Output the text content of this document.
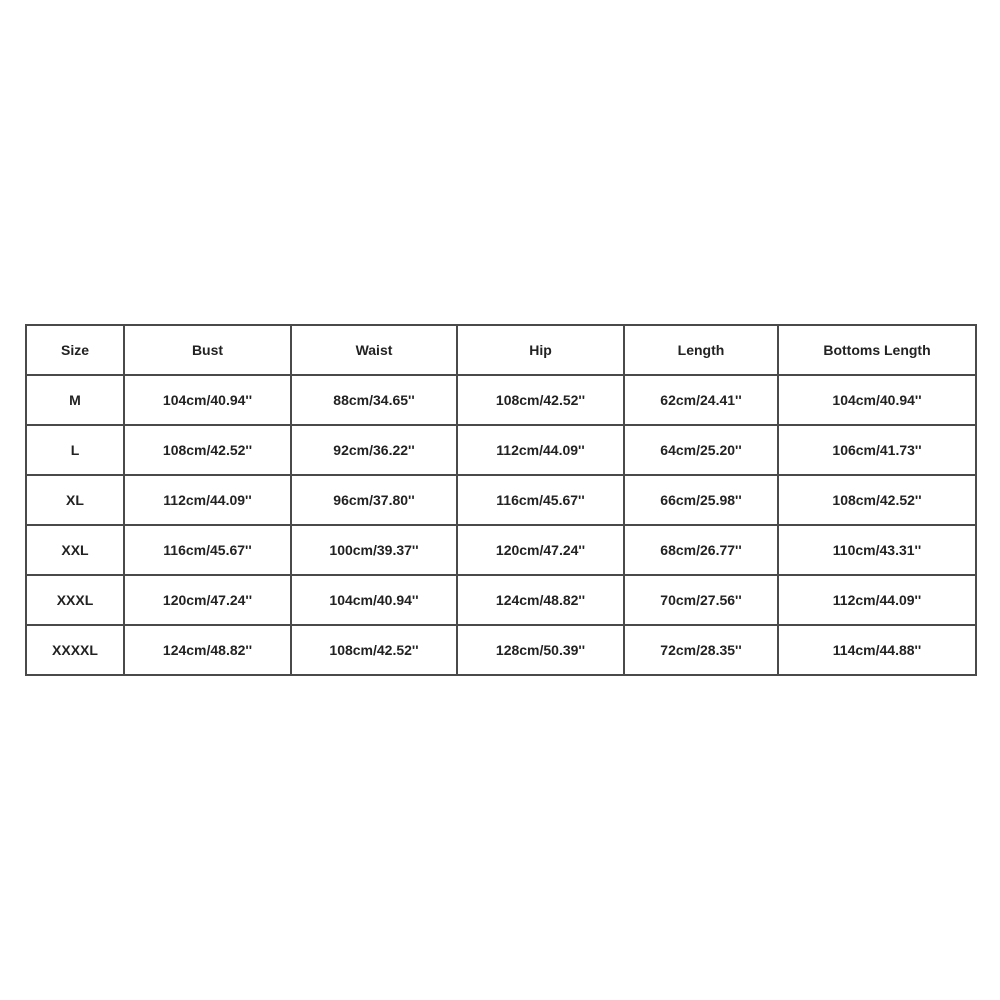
Size	Bust	Waist	Hip	Length	Bottoms Length
M	104cm/40.94''	88cm/34.65''	108cm/42.52''	62cm/24.41''	104cm/40.94''
L	108cm/42.52''	92cm/36.22''	112cm/44.09''	64cm/25.20''	106cm/41.73''
XL	112cm/44.09''	96cm/37.80''	116cm/45.67''	66cm/25.98''	108cm/42.52''
XXL	116cm/45.67''	100cm/39.37''	120cm/47.24''	68cm/26.77''	110cm/43.31''
XXXL	120cm/47.24''	104cm/40.94''	124cm/48.82''	70cm/27.56''	112cm/44.09''
XXXXL	124cm/48.82''	108cm/42.52''	128cm/50.39''	72cm/28.35''	114cm/44.88''
